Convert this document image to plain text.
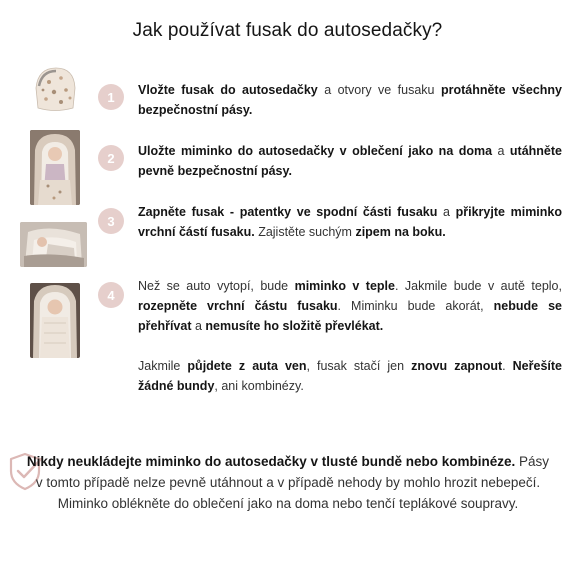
Jak používat fusak do autosedačky?
1	Vložte fusak do autosedačky a otvory ve fusaku protáhněte všechny bezpečnostní pásy.
2	Uložte miminko do autosedačky v oblečení jako na doma a utáhněte pevně bezpečnostní pásy.
3
Zapněte fusak - patentky ve spodní části fusaku a přikryjte miminko vrchní částí fusaku. Zajistěte suchým zipem na boku.
4

Než se auto vytopí, bude miminko v teple. Jakmile bude v autě teplo, rozepněte vrchní částu fusaku. Miminku bude akorát, nebude se přehřívat a nemusíte ho složitě převlékat.

Jakmile půjdete z auta ven, fusak stačí jen znovu zapnout. Neřešíte žádné bundy, ani kombinézy.

Nikdy neukládejte miminko do autosedačky v tlusté bundě nebo kombinéze. Pásy v tomto případě nelze pevně utáhnout a v případě nehody by mohlo hrozit nebepečí. Miminko oblékněte do oblečení jako na doma nebo tenčí teplákové soupravy.
